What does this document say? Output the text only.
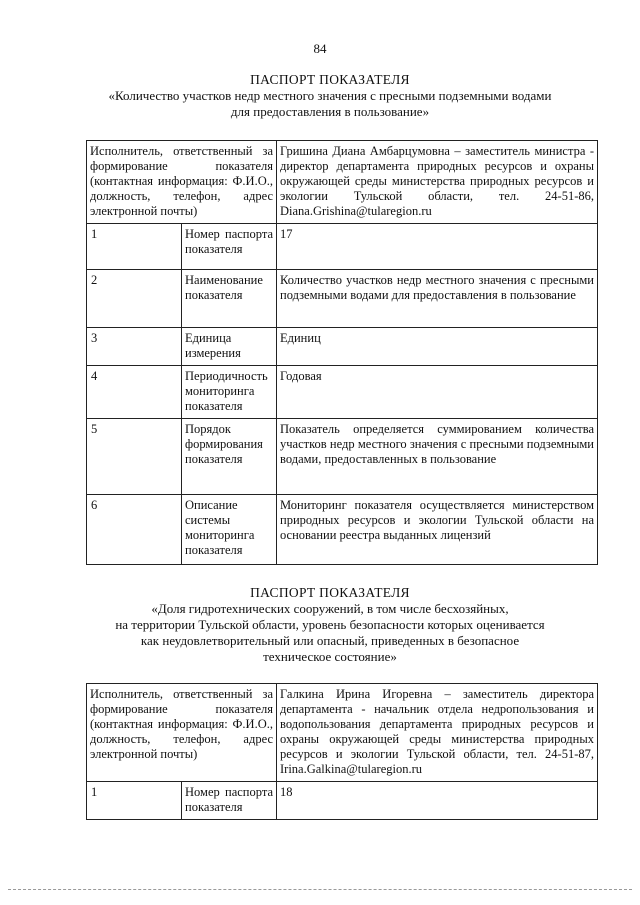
84
ПАСПОРТ ПОКАЗАТЕЛЯ
«Количество участков недр местного значения с пресными подземными водами
для предоставления в пользование»
Исполнитель, ответственный за формирование показателя (контактная информация: Ф.И.О., должность, телефон, адрес электронной почты)		Гришина Диана Амбарцумовна – заместитель министра - директор департамента природных ресурсов и охраны окружающей среды министерства природных ресурсов и экологии Тульской области, тел. 24-51-86, Diana.Grishina@tularegion.ru
1	Номер паспорта показателя	17
2	Наименование показателя	Количество участков недр местного значения с пресными подземными водами для предоставления в пользование
3	Единица измерения	Единиц
4	Периодичность мониторинга показателя	Годовая
5	Порядок формирования показателя	Показатель определяется суммированием количества участков недр местного значения с пресными подземными водами, предоставленных в пользование
6	Описание системы мониторинга показателя	Мониторинг показателя осуществляется министерством природных ресурсов и экологии Тульской области на основании реестра выданных лицензий
ПАСПОРТ ПОКАЗАТЕЛЯ
«Доля гидротехнических сооружений, в том числе бесхозяйных,
на территории Тульской области, уровень безопасности которых оценивается
как неудовлетворительный или опасный, приведенных в безопасное
техническое состояние»
Исполнитель, ответственный за формирование показателя (контактная информация: Ф.И.О., должность, телефон, адрес электронной почты)		Галкина Ирина Игоревна – заместитель директора департамента - начальник отдела недропользования и водопользования департамента природных ресурсов и охраны окружающей среды министерства природных ресурсов и экологии Тульской области, тел. 24-51-87, Irina.Galkina@tularegion.ru
1	Номер паспорта показателя	18
